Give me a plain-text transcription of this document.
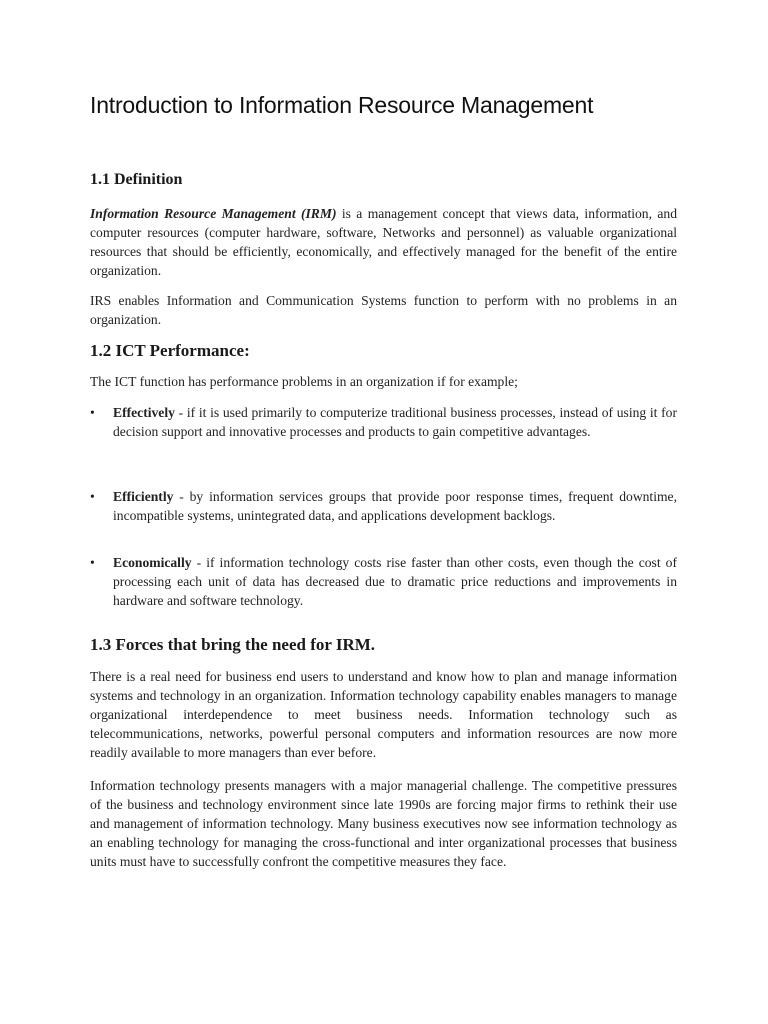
Introduction to Information Resource Management
1.1 Definition

Information Resource Management (IRM) is a management concept that views data, information, and computer resources (computer hardware, software, Networks and personnel) as valuable organizational resources that should be efficiently, economically, and effectively managed for the benefit of the entire organization.

IRS enables Information and Communication Systems function to perform with no problems in an organization.

1.2 ICT Performance:

The ICT function has performance problems in an organization if for example;

•	Effectively - if it is used primarily to computerize traditional business processes, instead of using it for decision support and innovative processes and products to gain competitive advantages.

•	Efficiently - by information services groups that provide poor response times, frequent downtime, incompatible systems, unintegrated data, and applications development backlogs.

•	Economically - if information technology costs rise faster than other costs, even though the cost of processing each unit of data has decreased due to dramatic price reductions and improvements in hardware and software technology.

1.3 Forces that bring the need for IRM.

There is a real need for business end users to understand and know how to plan and manage information systems and technology in an organization. Information technology capability enables managers to manage organizational interdependence to meet business needs. Information technology such as telecommunications, networks, powerful personal computers and information resources are now more readily available to more managers than ever before.

Information technology presents managers with a major managerial challenge. The competitive pressures of the business and technology environment since late 1990s are forcing major firms to rethink their use and management of information technology. Many business executives now see information technology as an enabling technology for managing the cross-functional and inter organizational processes that business units must have to successfully confront the competitive measures they face.
